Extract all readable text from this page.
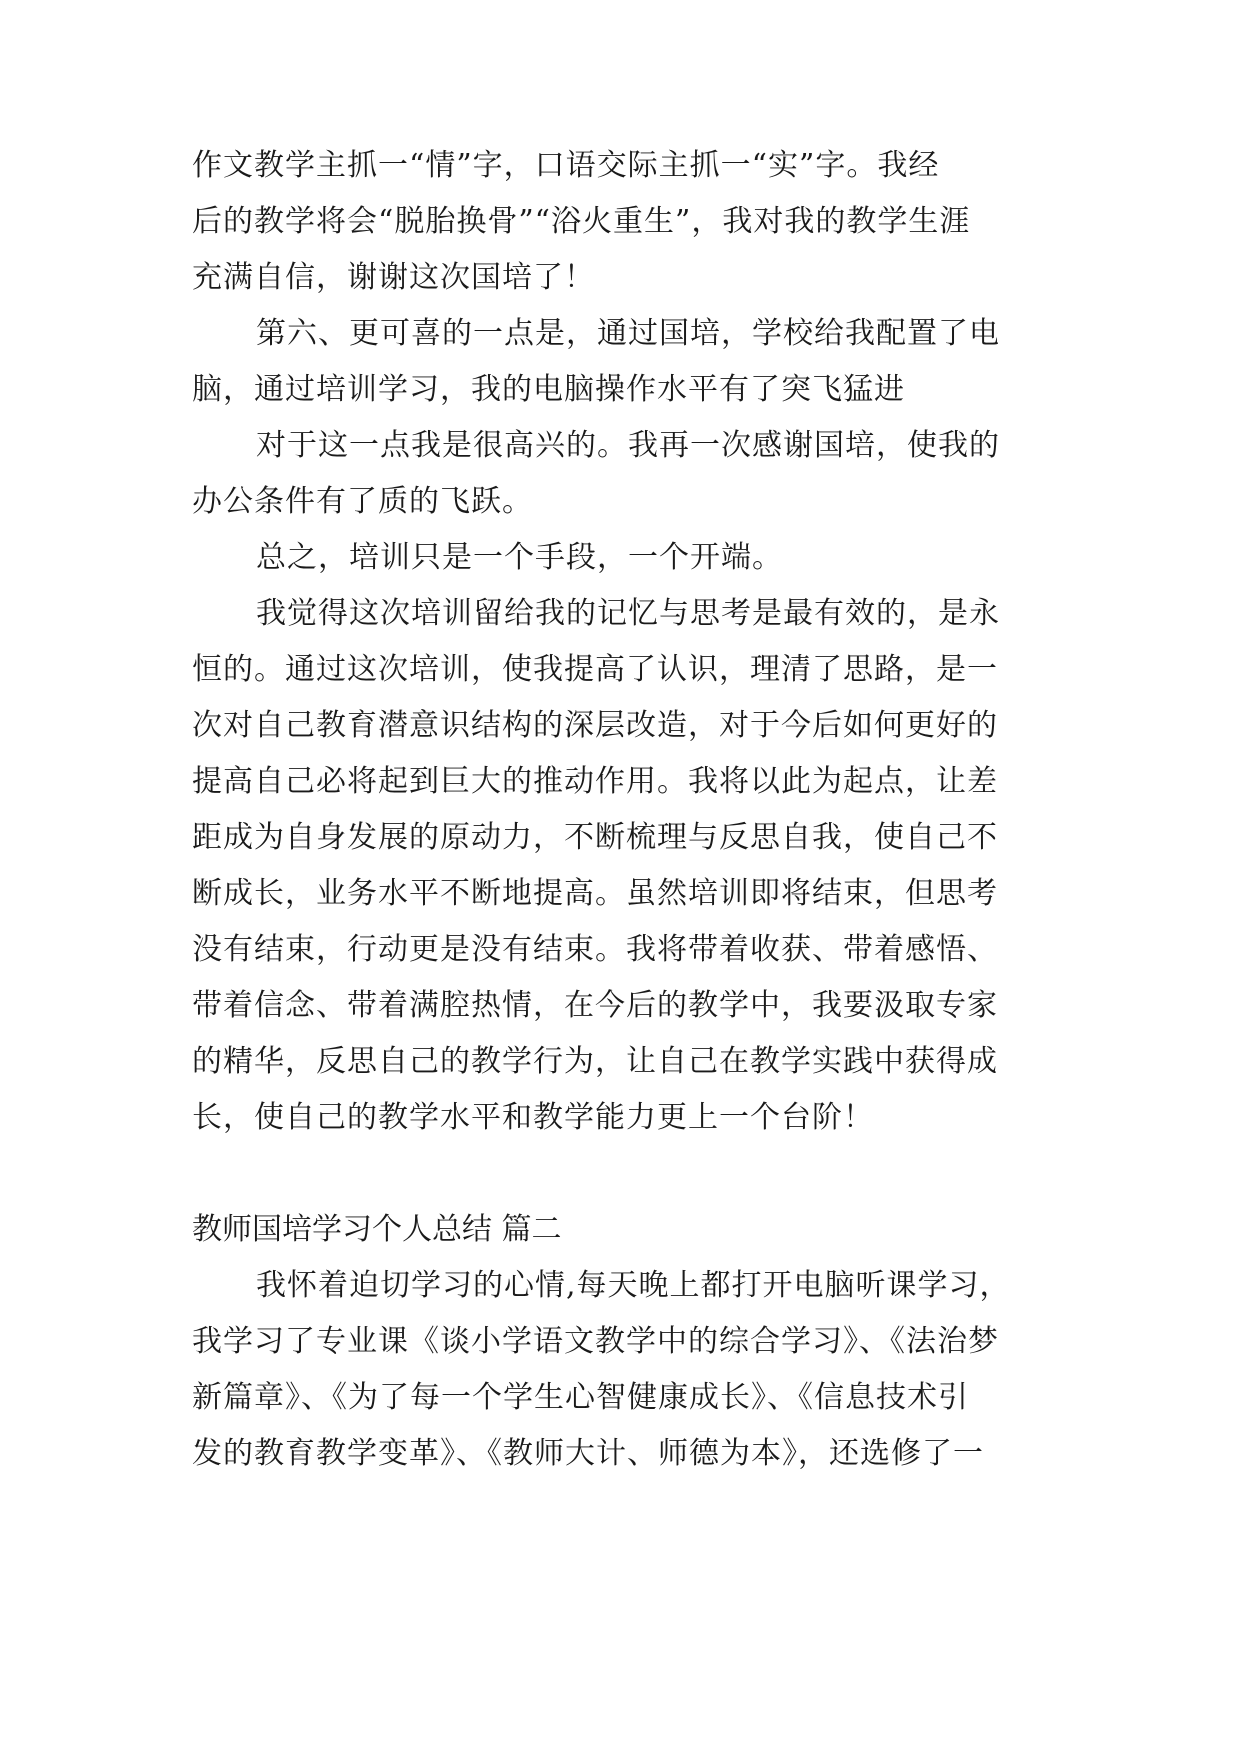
作文教学主抓一“情”字，口语交际主抓一“实”字。我经
后的教学将会“脱胎换骨”“浴火重生”，我对我的教学生涯
充满自信，谢谢这次国培了！
第六、更可喜的一点是，通过国培，学校给我配置了电
脑，通过培训学习，我的电脑操作水平有了突飞猛进
对于这一点我是很高兴的。我再一次感谢国培，使我的
办公条件有了质的飞跃。
总之，培训只是一个手段，一个开端。
我觉得这次培训留给我的记忆与思考是最有效的，是永
恒的。通过这次培训，使我提高了认识，理清了思路，是一
次对自己教育潜意识结构的深层改造，对于今后如何更好的
提高自己必将起到巨大的推动作用。我将以此为起点，让差
距成为自身发展的原动力，不断梳理与反思自我，使自己不
断成长，业务水平不断地提高。虽然培训即将结束，但思考
没有结束，行动更是没有结束。我将带着收获、带着感悟、
带着信念、带着满腔热情，在今后的教学中，我要汲取专家
的精华，反思自己的教学行为，让自己在教学实践中获得成
长，使自己的教学水平和教学能力更上一个台阶！
教师国培学习个人总结 篇二
我怀着迫切学习的心情,每天晚上都打开电脑听课学习，
我学习了专业课《谈小学语文教学中的综合学习》、《法治梦
新篇章》、《为了每一个学生心智健康成长》、《信息技术引
发的教育教学变革》、《教师大计、师德为本》，还选修了一
